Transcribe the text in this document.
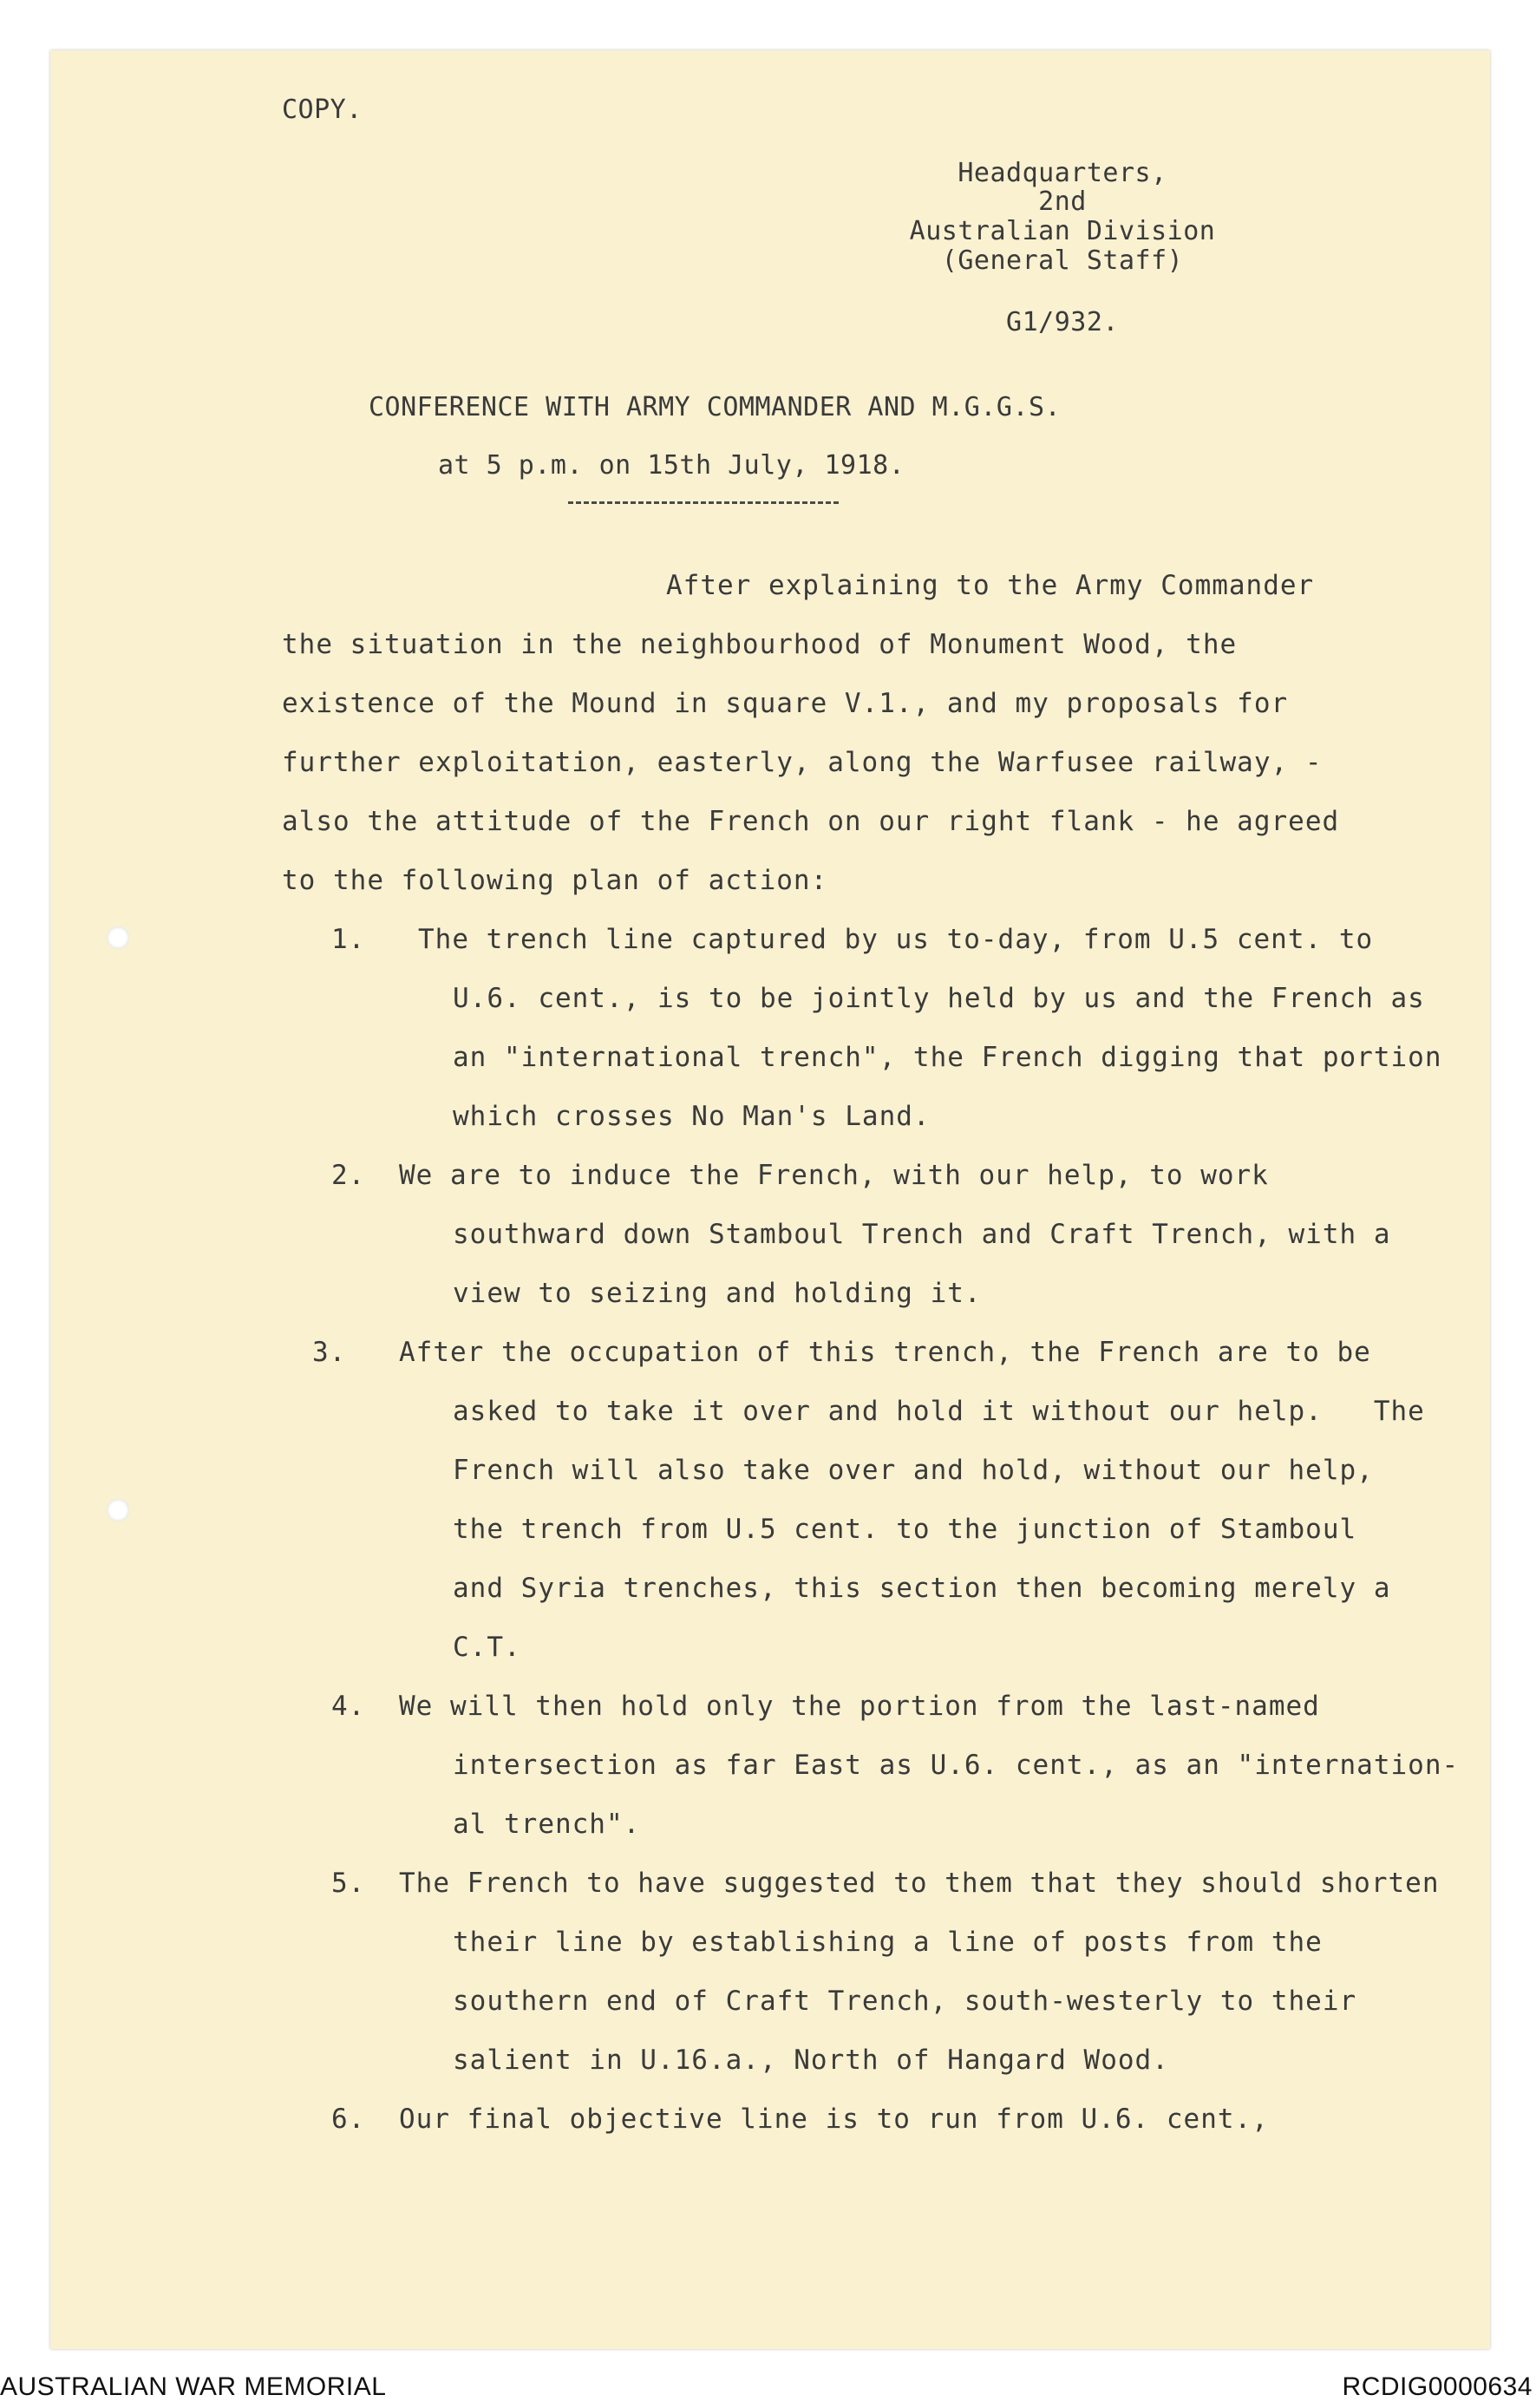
COPY.
Headquarters,
2nd
Australian Division
(General Staff)
G1/932.
CONFERENCE WITH ARMY COMMANDER AND M.G.G.S.
at 5 p.m. on 15th July, 1918.
After explaining to the Army Commander
the situation in the neighbourhood of Monument Wood, the
existence of the Mound in square V.1., and my proposals for
further exploitation, easterly, along the Warfusee railway, -
also the attitude of the French on our right flank - he agreed
to the following plan of action:
1. The trench line captured by us to-day, from U.5 cent. to
U.6. cent., is to be jointly held by us and the French as
an "international trench", the French digging that portion
which crosses No Man's Land.
2. We are to induce the French, with our help, to work
southward down Stamboul Trench and Craft Trench, with a
view to seizing and holding it.
3. After the occupation of this trench, the French are to be
asked to take it over and hold it without our help.   The
French will also take over and hold, without our help,
the trench from U.5 cent. to the junction of Stamboul
and Syria trenches, this section then becoming merely a
C.T.
4. We will then hold only the portion from the last-named
intersection as far East as U.6. cent., as an "internation-
al trench".
5. The French to have suggested to them that they should shorten
their line by establishing a line of posts from the
southern end of Craft Trench, south-westerly to their
salient in U.16.a., North of Hangard Wood.
6. Our final objective line is to run from U.6. cent.,
AUSTRALIAN WAR MEMORIAL	RCDIG0000634
